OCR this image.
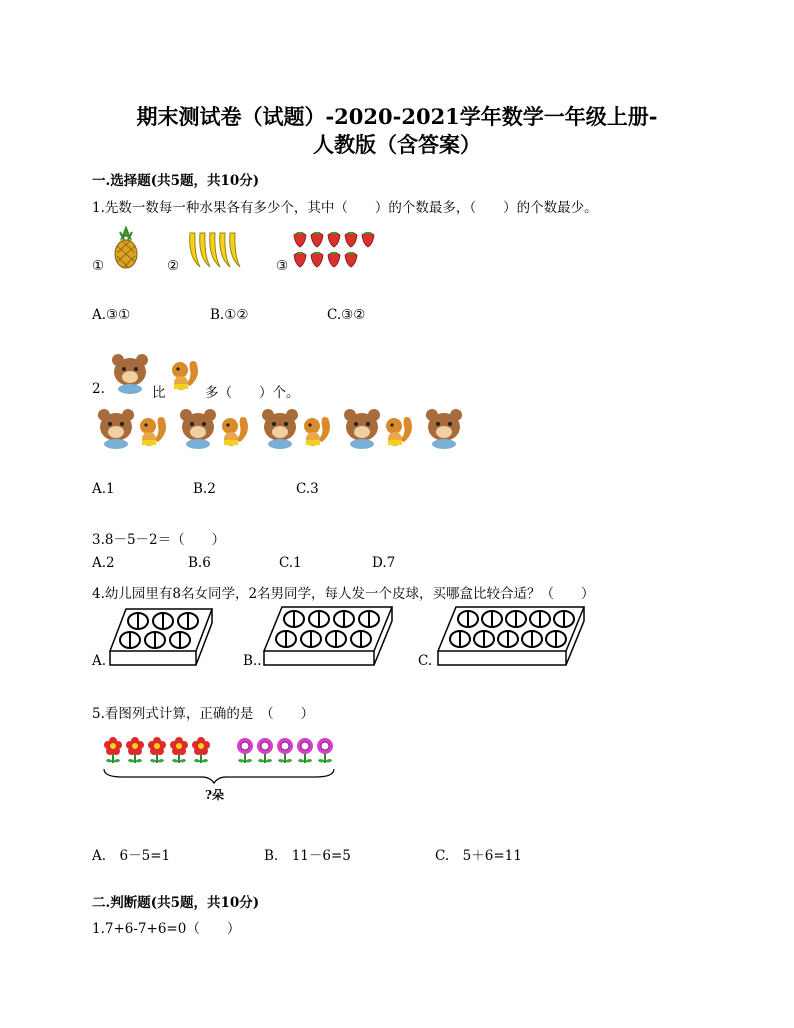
期末测试卷（试题）-2020-2021学年数学一年级上册-
人教版（含答案）
一.选择题(共5题，共10分)
1.先数一数每一种水果各有多少个，其中（　　）的个数最多，（　　）的个数最少。
①	②	③
A.③①	B.①②	C.③②
2.	比	多（　　）个。
A.1	B.2	C.3
3.8－5－2＝（　　）
A.2	B.6	C.1	D.7
4.幼儿园里有8名女同学，2名男同学，每人发一个皮球，买哪盒比较合适？（　　）
A.	B..	C.
5.看图列式计算，正确的是　（　　）
?朵
A.　6－5=1	B.　11－6=5	C.　5＋6=11
二.判断题(共5题，共10分)
1.7+6-7+6=0（　　）
